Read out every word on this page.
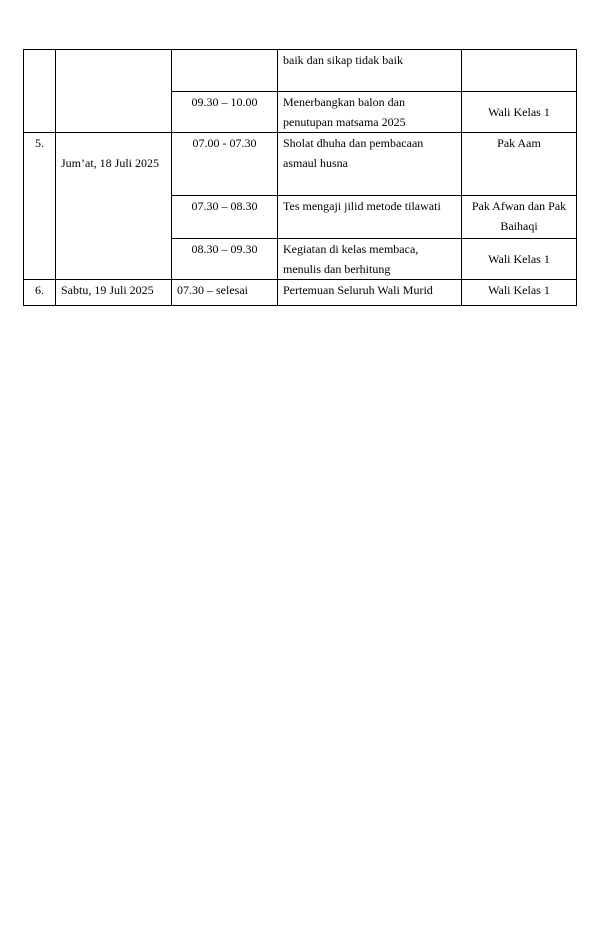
			baik dan sikap tidak baik	
		09.30 – 10.00	Menerbangkan balon dan penutupan matsama 2025	Wali Kelas 1
5.	Jum’at, 18 Juli 2025	07.00 - 07.30	Sholat dhuha dan pembacaan asmaul husna	Pak Aam
		07.30 – 08.30	Tes mengaji jilid metode tilawati	Pak Afwan dan Pak Baihaqi
		08.30 – 09.30	Kegiatan di kelas membaca, menulis dan berhitung	Wali Kelas 1
6.	Sabtu, 19 Juli 2025	07.30 – selesai	Pertemuan Seluruh Wali Murid	Wali Kelas 1
